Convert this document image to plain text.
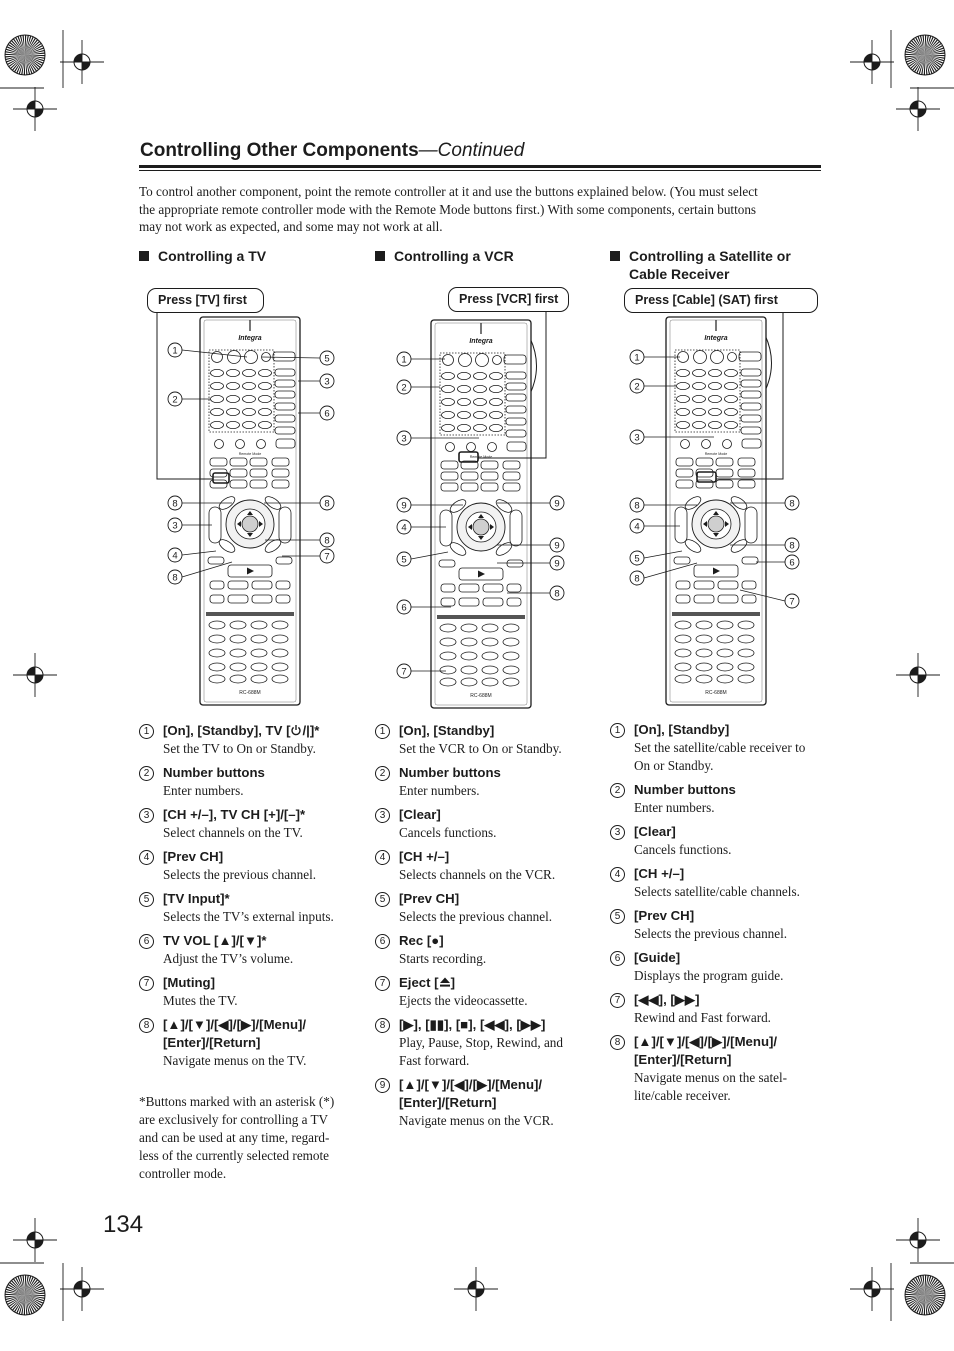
Integra
Remote Mode
RC-688M
Integra
Remote Mode
RC-688M
Integra
Remote Mode
RC-688M
1
2
8
3
4
8
5
3
6
8
8
7
1
2
3
9
4
5
6
7
9
9
9
8
1
2
3
8
4
5
8
8
8
6
7
Controlling Other Components—Continued
To control another component, point the remote controller at it and use the buttons explained below. (You must select
the appropriate remote controller mode with the Remote Mode buttons first.) With some components, certain buttons
may not work as expected, and some may not work at all.
Controlling a TV
Press [TV] first
Controlling a VCR
Press [VCR] first
Controlling a Satellite or
Cable Receiver
Press [Cable] (SAT) first
1	[On], [Standby], TV [ /|]*
Set the TV to On or Standby.
2	Number buttons
Enter numbers.
3	[CH +/–], TV CH [+]/[–]*
Select channels on the TV.
4	[Prev CH]
Selects the previous channel.
5	[TV Input]*
Selects the TV’s external inputs.
6	TV VOL [▲]/[▼]*
Adjust the TV’s volume.
7	[Muting]
Mutes the TV.
8	[▲]/[▼]/[◀]/[▶]/[Menu]/
[Enter]/[Return]
Navigate menus on the TV.
1	[On], [Standby]
Set the VCR to On or Standby.
2	Number buttons
Enter numbers.
3	[Clear]
Cancels functions.
4	[CH +/–]
Selects channels on the VCR.
5	[Prev CH]
Selects the previous channel.
6	Rec [●]
Starts recording.
7	Eject [ ]
Ejects the videocassette.
8	[▶], [▮▮], [■], [◀◀], [▶▶]
Play, Pause, Stop, Rewind, and
Fast forward.
9	[▲]/[▼]/[◀]/[▶]/[Menu]/
[Enter]/[Return]
Navigate menus on the VCR.
1	[On], [Standby]
Set the satellite/cable receiver to
On or Standby.
2	Number buttons
Enter numbers.
3	[Clear]
Cancels functions.
4	[CH +/–]
Selects satellite/cable channels.
5	[Prev CH]
Selects the previous channel.
6	[Guide]
Displays the program guide.
7	[◀◀], [▶▶]
Rewind and Fast forward.
8	[▲]/[▼]/[◀]/[▶]/[Menu]/
[Enter]/[Return]
Navigate menus on the satel-
lite/cable receiver.
*Buttons marked with an asterisk (*)
are exclusively for controlling a TV
and can be used at any time, regard-
less of the currently selected remote
controller mode.
134
